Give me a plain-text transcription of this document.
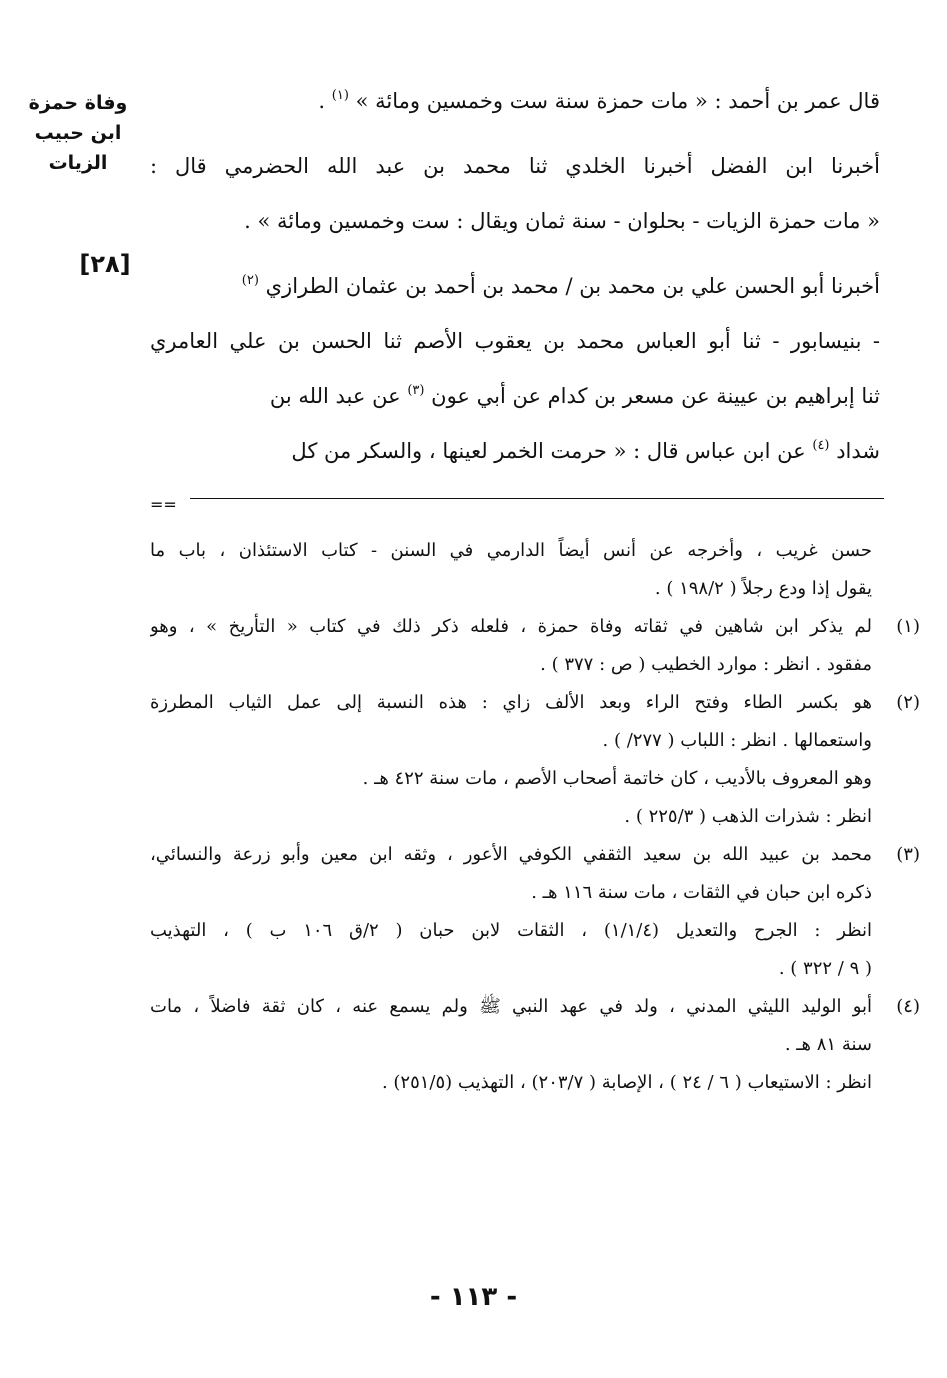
وفاة حمزة
ابن حبيب
الزيات
[٢٨]
قال عمر بن أحمد : « مات حمزة سنة ست وخمسين ومائة » $^{(١)}$ .
أخبرنا ابن الفضل أخبرنا الخلدي ثنا محمد بن عبد الله الحضرمي قال :
« مات حمزة الزيات - بحلوان - سنة ثمان ويقال : ست وخمسين ومائة » .
أخبرنا أبو الحسن علي بن محمد بن / محمد بن أحمد بن عثمان الطرازي $^{(٢)}$
- بنيسابور - ثنا أبو العباس محمد بن يعقوب الأصم ثنا الحسن بن علي العامري
ثنا إبراهيم بن عيينة عن مسعر بن كدام عن أبي عون $^{(٣)}$ عن عبد الله بن
شداد $^{(٤)}$ عن ابن عباس قال : « حرمت الخمر لعينها ، والسكر من كل
==
حسن غريب ، وأخرجه عن أنس أيضاً الدارمي في السنن - كتاب الاستئذان ، باب ما
يقول إذا ودع رجلاً ( ١٩٨/٢ ) .
(١)
لم يذكر ابن شاهين في ثقاته وفاة حمزة ، فلعله ذكر ذلك في كتاب « التأريخ » ، وهو
مفقود . انظر : موارد الخطيب ( ص : ٣٧٧ ) .
(٢)
هو بكسر الطاء وفتح الراء وبعد الألف زاي : هذه النسبة إلى عمل الثياب المطرزة
واستعمالها . انظر : اللباب ( ٢٧٧/ ) .
وهو المعروف بالأديب ، كان خاتمة أصحاب الأصم ، مات سنة ٤٢٢ هـ .
انظر : شذرات الذهب ( ٢٢٥/٣ ) .
(٣)
محمد بن عبيد الله بن سعيد الثقفي الكوفي الأعور ، وثقه ابن معين وأبو زرعة والنسائي،
ذكره ابن حبان في الثقات ، مات سنة ١١٦ هـ .
انظر : الجرح والتعديل (١/١/٤) ، الثقات لابن حبان ( ٢/ق ١٠٦ ب ) ، التهذيب
( ٩ / ٣٢٢ ) .
(٤)
أبو الوليد الليثي المدني ، ولد في عهد النبي ﷺ ولم يسمع عنه ، كان ثقة فاضلاً ، مات
سنة ٨١ هـ .
انظر : الاستيعاب ( ٦ / ٢٤ ) ، الإصابة ( ٢٠٣/٧) ، التهذيب (٢٥١/٥) .
- ١١٣ -
